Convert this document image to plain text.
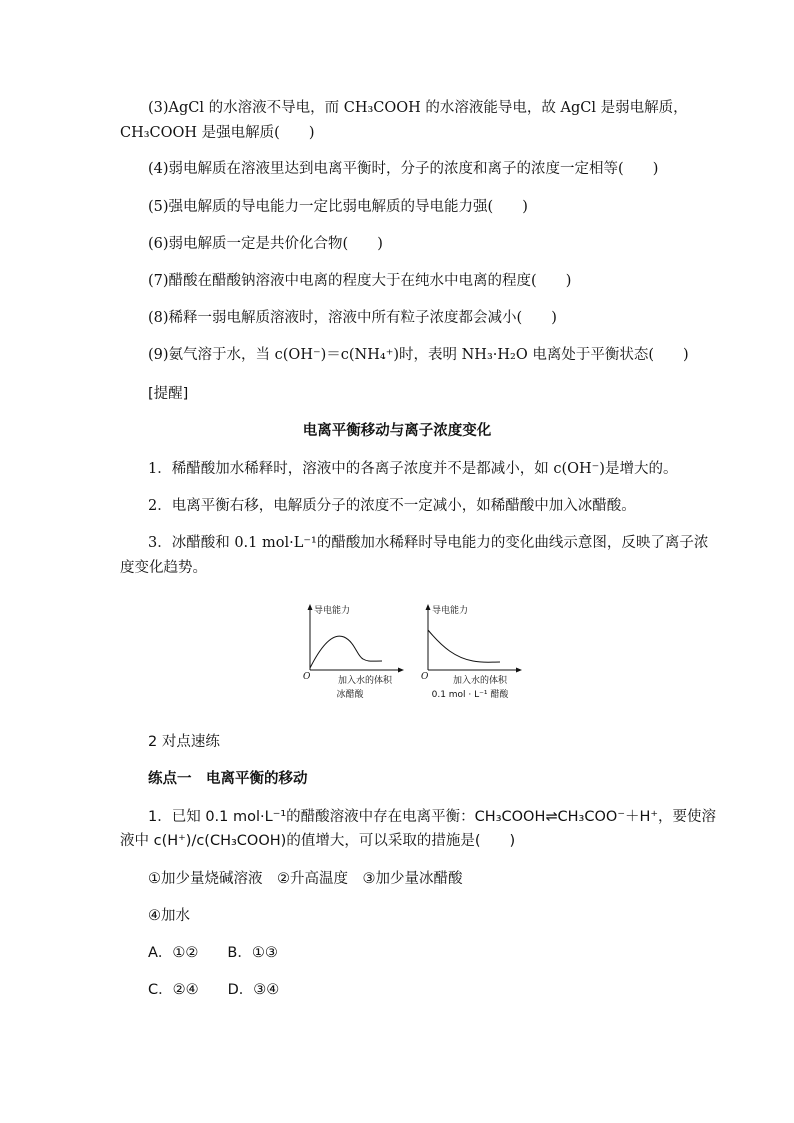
(3)AgCl 的水溶液不导电，而 CH₃COOH 的水溶液能导电，故 AgCl 是弱电解质，
CH₃COOH 是强电解质(　　)
(4)弱电解质在溶液里达到电离平衡时，分子的浓度和离子的浓度一定相等(　　)
(5)强电解质的导电能力一定比弱电解质的导电能力强(　　)
(6)弱电解质一定是共价化合物(　　)
(7)醋酸在醋酸钠溶液中电离的程度大于在纯水中电离的程度(　　)
(8)稀释一弱电解质溶液时，溶液中所有粒子浓度都会减小(　　)
(9)氨气溶于水，当 c(OH⁻)＝c(NH₄⁺)时，表明 NH₃·H₂O 电离处于平衡状态(　　)
[提醒]
电离平衡移动与离子浓度变化
1．稀醋酸加水稀释时，溶液中的各离子浓度并不是都减小，如 c(OH⁻)是增大的。
2．电离平衡右移，电解质分子的浓度不一定减小，如稀醋酸中加入冰醋酸。
3．冰醋酸和 0.1 mol·L⁻¹的醋酸加水稀释时导电能力的变化曲线示意图，反映了离子浓
度变化趋势。
导电能力
O	加入水的体积
冰醋酸
导电能力
O	加入水的体积
0.1 mol · L⁻¹ 醋酸
2 对点速练
练点一　电离平衡的移动
1．已知 0.1 mol·L⁻¹的醋酸溶液中存在电离平衡：CH₃COOH⇌CH₃COO⁻＋H⁺，要使溶
液中 c(H⁺)/c(CH₃COOH)的值增大，可以采取的措施是(　　)
①加少量烧碱溶液　②升高温度　③加少量冰醋酸
④加水
A．①②　　B．①③
C．②④　　D．③④
